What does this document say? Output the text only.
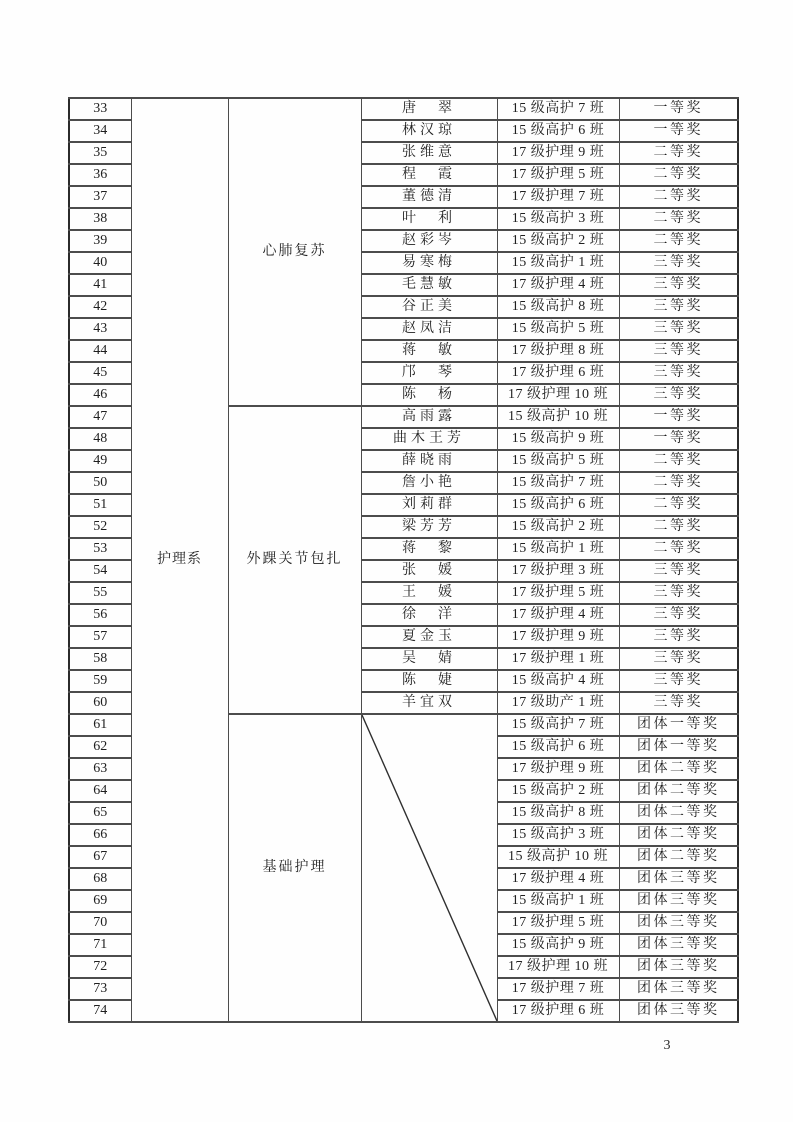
33	护理系	心肺复苏	唐　翠	15 级高护 7 班	一等奖
34			林汉琼	15 级高护 6 班	一等奖
35			张维意	17 级护理 9 班	二等奖
36			程　霞	17 级护理 5 班	二等奖
37			董德清	17 级护理 7 班	二等奖
38			叶　利	15 级高护 3 班	二等奖
39			赵彩岑	15 级高护 2 班	二等奖
40			易寒梅	15 级高护 1 班	三等奖
41			毛慧敏	17 级护理 4 班	三等奖
42			谷正美	15 级高护 8 班	三等奖
43			赵凤洁	15 级高护 5 班	三等奖
44			蒋　敏	17 级护理 8 班	三等奖
45			邝　琴	17 级护理 6 班	三等奖
46			陈　杨	17 级护理 10 班	三等奖
47		外踝关节包扎	高雨露	15 级高护 10 班	一等奖
48			曲木王芳	15 级高护 9 班	一等奖
49			薛晓雨	15 级高护 5 班	二等奖
50			詹小艳	15 级高护 7 班	二等奖
51			刘莉群	15 级高护 6 班	二等奖
52			梁芳芳	15 级高护 2 班	二等奖
53			蒋　黎	15 级高护 1 班	二等奖
54			张　媛	17 级护理 3 班	三等奖
55			王　媛	17 级护理 5 班	三等奖
56			徐　洋	17 级护理 4 班	三等奖
57			夏金玉	17 级护理 9 班	三等奖
58			吴　婧	17 级护理 1 班	三等奖
59			陈　婕	15 级高护 4 班	三等奖
60			羊宜双	17 级助产 1 班	三等奖
61		基础护理		15 级高护 7 班	团体一等奖
62				15 级高护 6 班	团体一等奖
63				17 级护理 9 班	团体二等奖
64				15 级高护 2 班	团体二等奖
65				15 级高护 8 班	团体二等奖
66				15 级高护 3 班	团体二等奖
67				15 级高护 10 班	团体二等奖
68				17 级护理 4 班	团体三等奖
69				15 级高护 1 班	团体三等奖
70				17 级护理 5 班	团体三等奖
71				15 级高护 9 班	团体三等奖
72				17 级护理 10 班	团体三等奖
73				17 级护理 7 班	团体三等奖
74				17 级护理 6 班	团体三等奖
3
